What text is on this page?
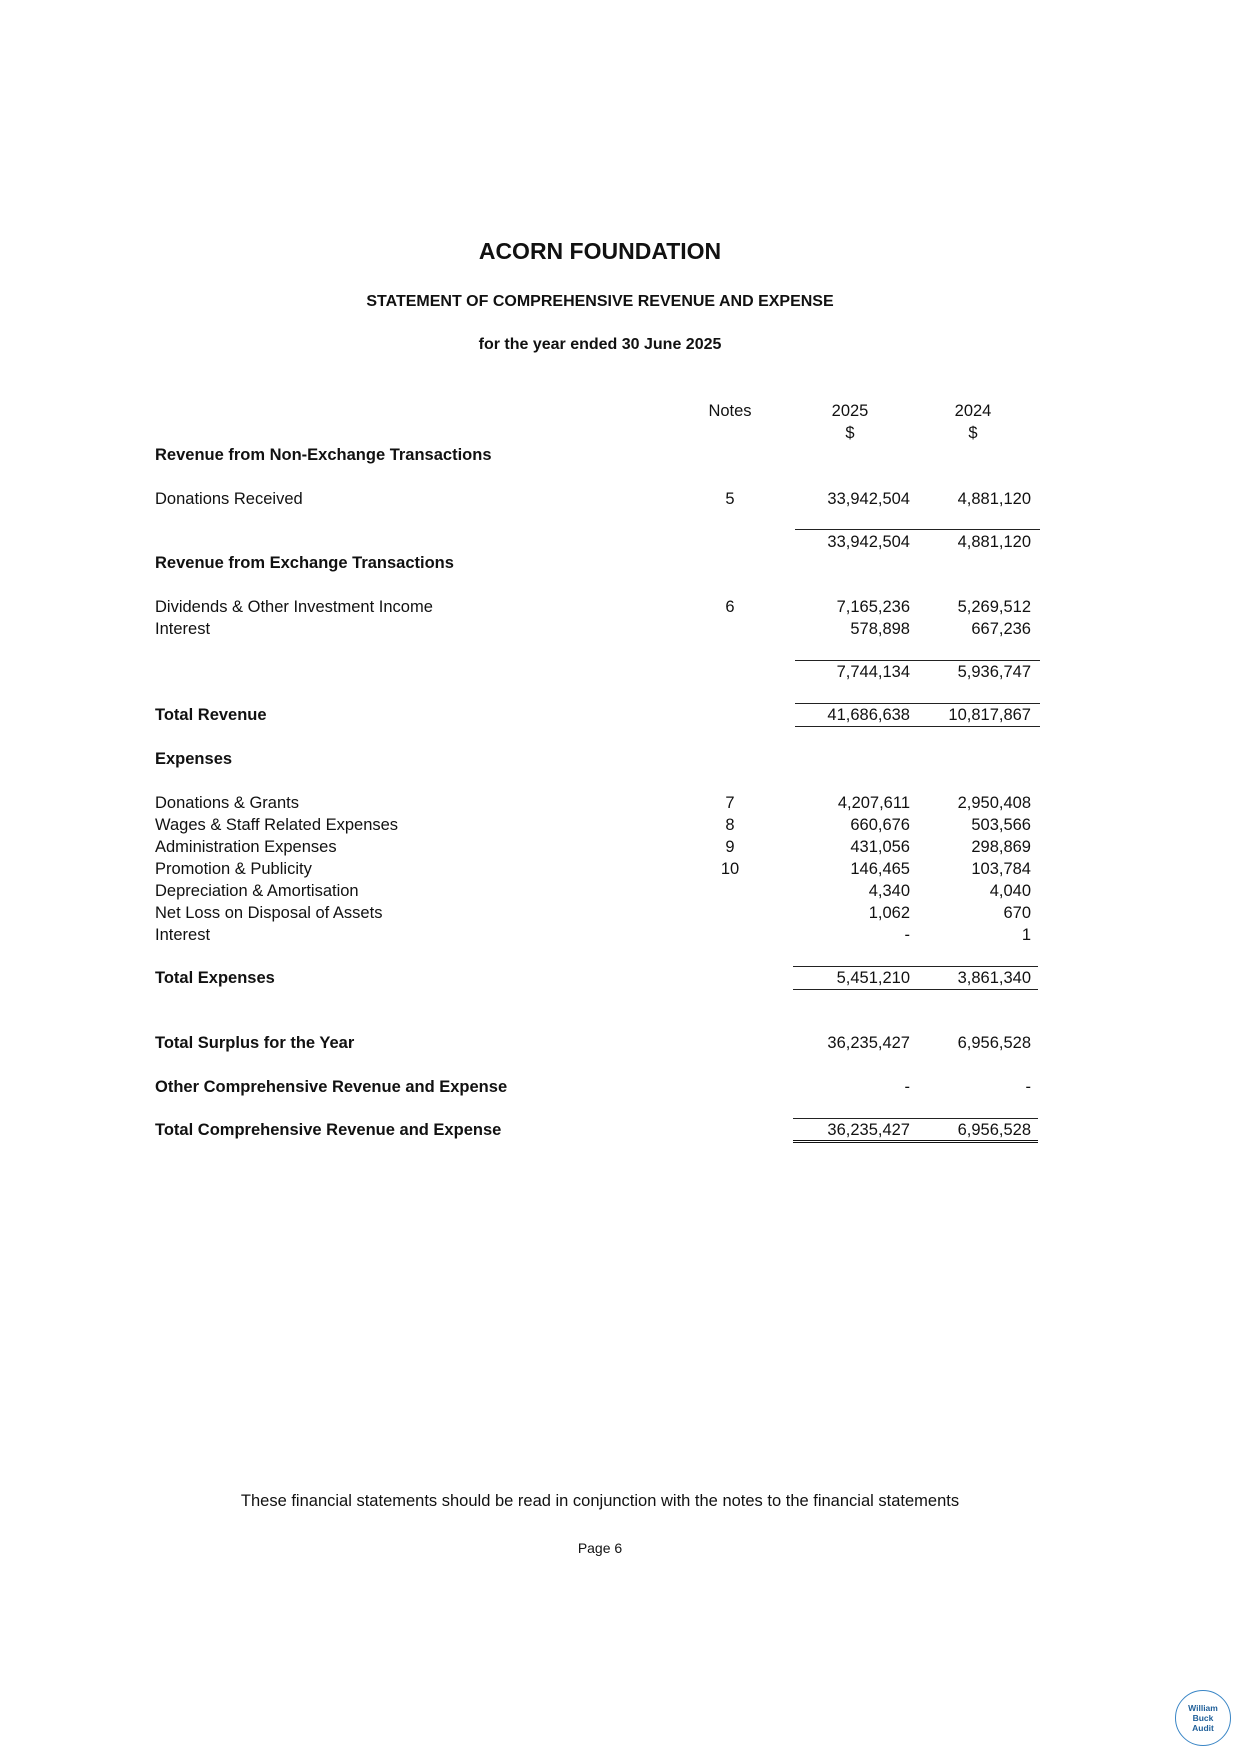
ACORN FOUNDATION
STATEMENT OF COMPREHENSIVE REVENUE AND EXPENSE
for the year ended 30 June 2025
Notes	2025	2024
$	$
Revenue from Non-Exchange Transactions
Donations Received	5	33,942,504	4,881,120
33,942,504	4,881,120
Revenue from Exchange Transactions
Dividends & Other Investment Income	6	7,165,236	5,269,512
Interest	578,898	667,236
7,744,134	5,936,747
Total Revenue	41,686,638	10,817,867
Expenses
Donations & Grants	7	4,207,611	2,950,408
Wages & Staff Related Expenses	8	660,676	503,566
Administration Expenses	9	431,056	298,869
Promotion & Publicity	10	146,465	103,784
Depreciation & Amortisation	4,340	4,040
Net Loss on Disposal of Assets	1,062	670
Interest	-	1
Total Expenses	5,451,210	3,861,340
Total Surplus for the Year	36,235,427	6,956,528
Other Comprehensive Revenue and Expense	-	-
Total Comprehensive Revenue and Expense	36,235,427	6,956,528
These financial statements should be read in conjunction with the notes to the financial statements
Page 6
William
Buck
Audit
